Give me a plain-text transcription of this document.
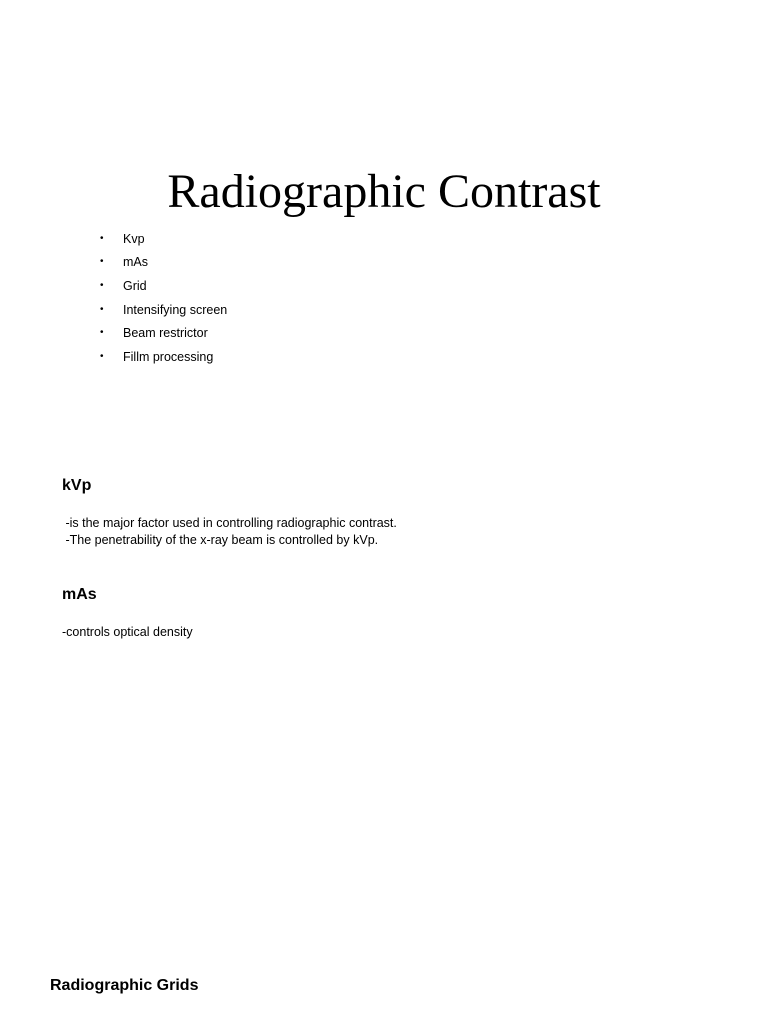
Radiographic Contrast
•	Kvp
•	mAs
•	Grid
•	Intensifying screen
•	Beam restrictor
•	Fillm processing
kVp
-is the major factor used in controlling radiographic contrast.
-The penetrability of the x-ray beam is controlled by kVp.
mAs
-controls optical density
Radiographic Grids
